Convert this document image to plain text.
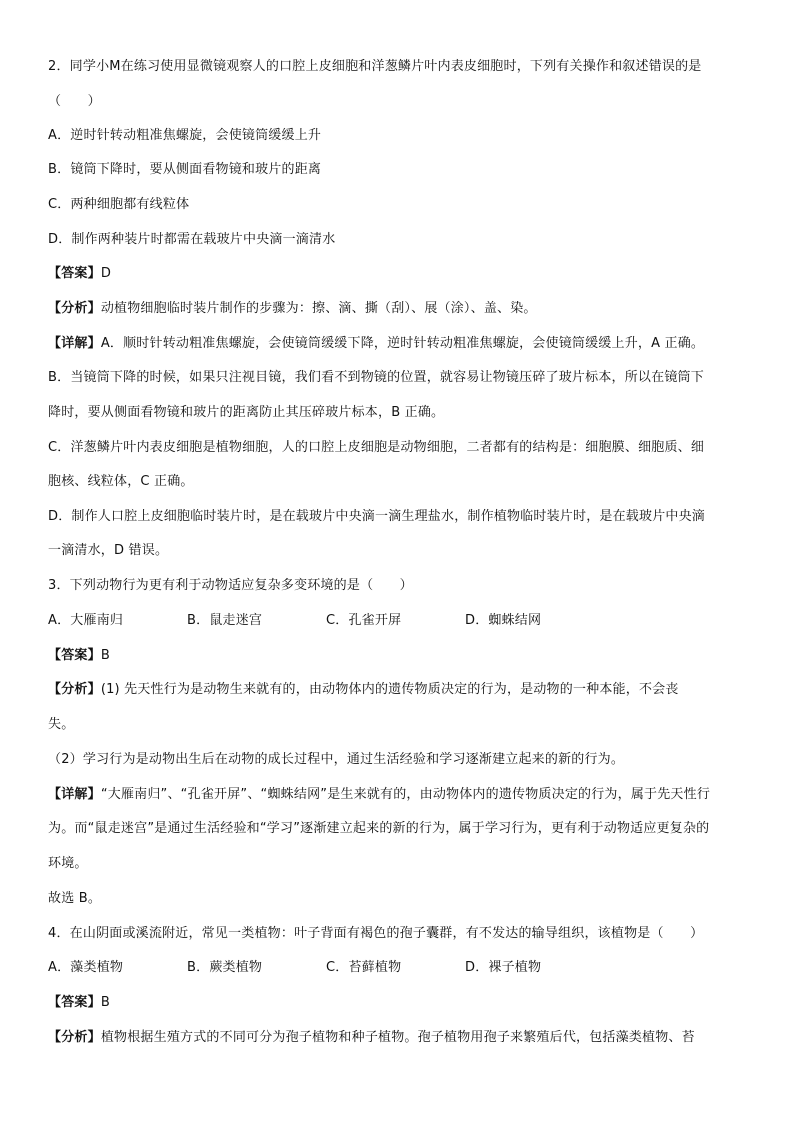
2．同学小M在练习使用显微镜观察人的口腔上皮细胞和洋葱鳞片叶内表皮细胞时，下列有关操作和叙述错误的是
（　　）
A．逆时针转动粗准焦螺旋，会使镜筒缓缓上升
B．镜筒下降时，要从侧面看物镜和玻片的距离
C．两种细胞都有线粒体
D．制作两种装片时都需在载玻片中央滴一滴清水
【答案】D
【分析】动植物细胞临时装片制作的步骤为：擦、滴、撕（刮）、展（涂）、盖、染。
【详解】A．顺时针转动粗准焦螺旋，会使镜筒缓缓下降，逆时针转动粗准焦螺旋，会使镜筒缓缓上升，A 正确。
B．当镜筒下降的时候，如果只注视目镜，我们看不到物镜的位置，就容易让物镜压碎了玻片标本，所以在镜筒下
降时，要从侧面看物镜和玻片的距离防止其压碎玻片标本，B 正确。
C．洋葱鳞片叶内表皮细胞是植物细胞，人的口腔上皮细胞是动物细胞，二者都有的结构是：细胞膜、细胞质、细
胞核、线粒体，C 正确。
D．制作人口腔上皮细胞临时装片时，是在载玻片中央滴一滴生理盐水，制作植物临时装片时，是在载玻片中央滴
一滴清水，D 错误。
3．下列动物行为更有利于动物适应复杂多变环境的是（　　）
A．大雁南归	B．鼠走迷宫	C．孔雀开屏	D．蜘蛛结网
【答案】B
【分析】(1) 先天性行为是动物生来就有的，由动物体内的遗传物质决定的行为，是动物的一种本能，不会丧
失。
（2）学习行为是动物出生后在动物的成长过程中，通过生活经验和学习逐渐建立起来的新的行为。
【详解】“大雁南归”、“孔雀开屏”、“蜘蛛结网”是生来就有的，由动物体内的遗传物质决定的行为，属于先天性行
为。而“鼠走迷宫”是通过生活经验和“学习”逐渐建立起来的新的行为，属于学习行为，更有利于动物适应更复杂的
环境。
故选 B。
4．在山阴面或溪流附近，常见一类植物：叶子背面有褐色的孢子囊群，有不发达的输导组织，该植物是（　　）
A．藻类植物	B．蕨类植物	C．苔藓植物	D．裸子植物
【答案】B
【分析】植物根据生殖方式的不同可分为孢子植物和种子植物。孢子植物用孢子来繁殖后代，包括藻类植物、苔
